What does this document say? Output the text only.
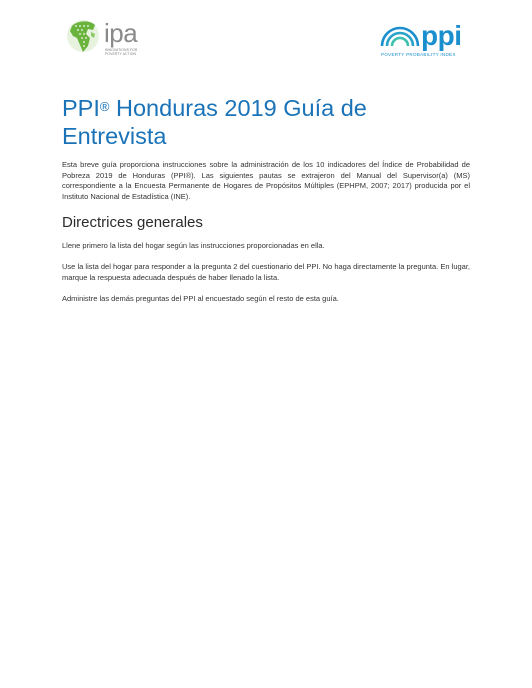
ipa
INNOVATIONS FOR POVERTY ACTION
ppi
POVERTY PROBABILITY INDEX
PPI® Honduras 2019 Guía de Entrevista

Esta breve guía proporciona instrucciones sobre la administración de los 10 indicadores del Índice de Probabilidad de Pobreza 2019 de Honduras (PPI®). Las siguientes pautas se extrajeron del Manual del Supervisor(a) (MS) correspondiente a la Encuesta Permanente de Hogares de Propósitos Múltiples (EPHPM, 2007; 2017) producida por el Instituto Nacional de Estadística (INE).

Directrices generales

Llene primero la lista del hogar según las instrucciones proporcionadas en ella.

Use la lista del hogar para responder a la pregunta 2 del cuestionario del PPI. No haga directamente la pregunta. En lugar, marque la respuesta adecuada después de haber llenado la lista.

Administre las demás preguntas del PPI al encuestado según el resto de esta guía.
